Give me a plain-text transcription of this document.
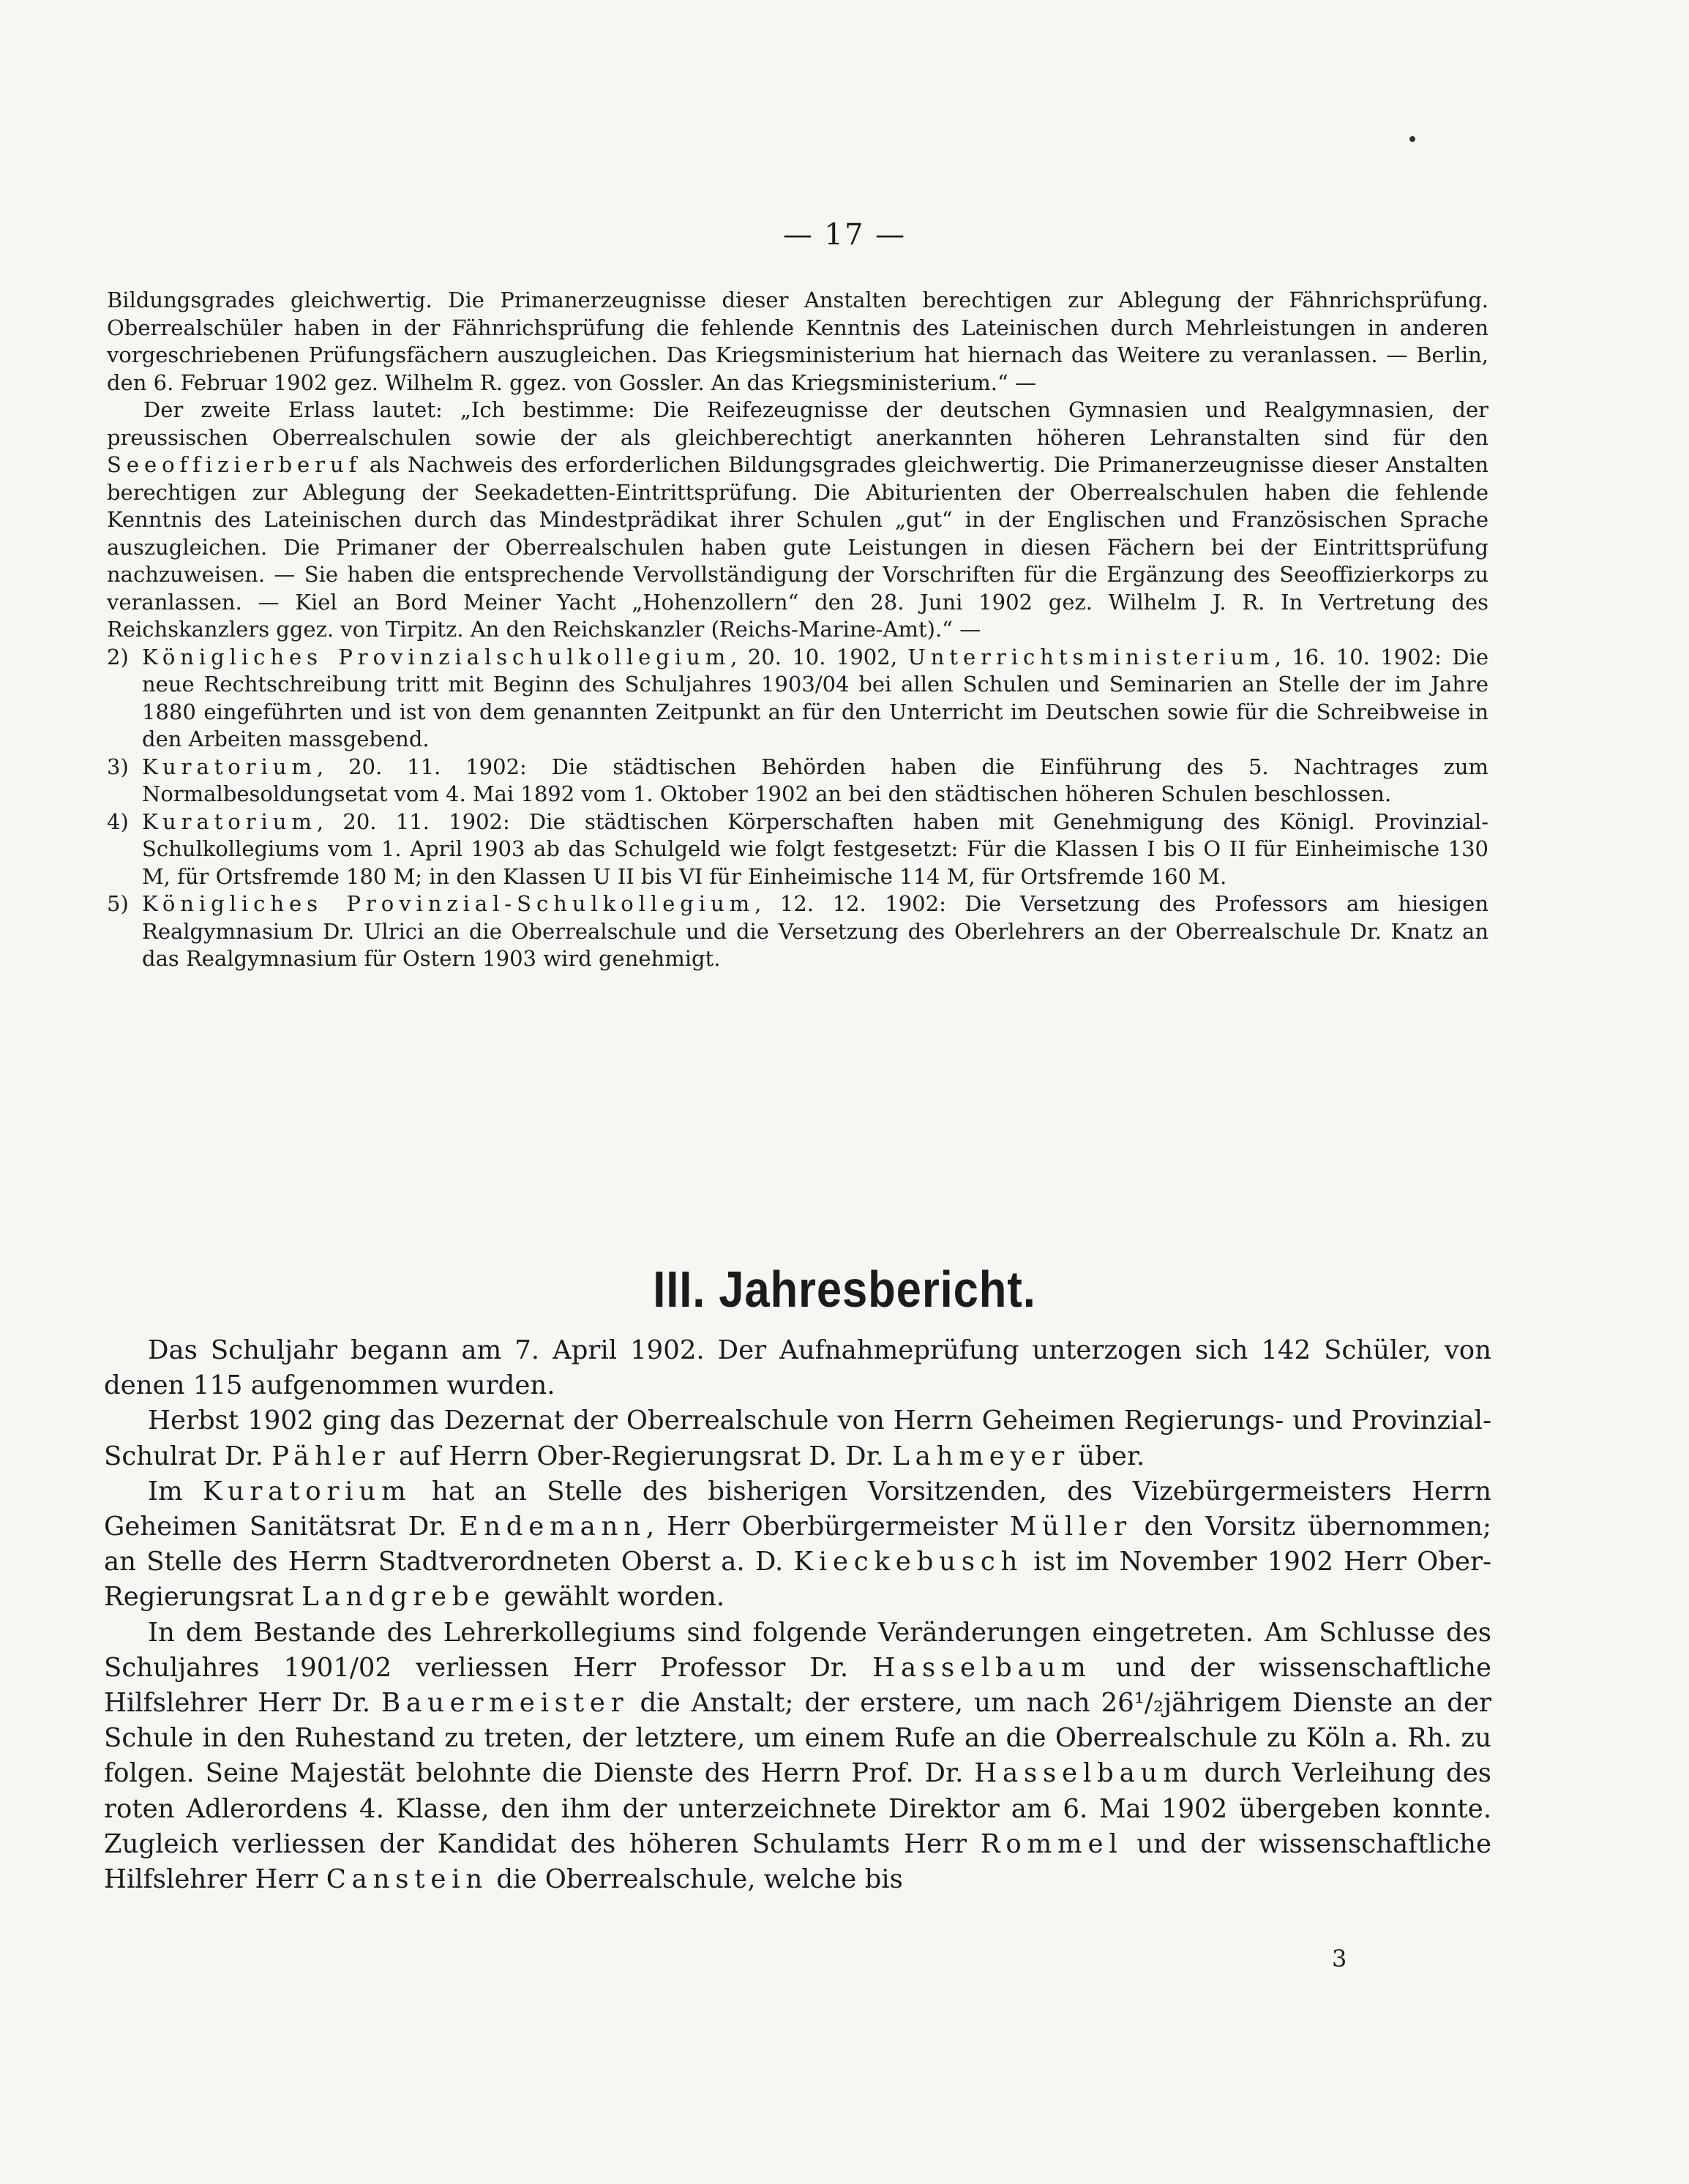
— 17 —

Bildungsgrades gleichwertig. Die Primanerzeugnisse dieser Anstalten berechtigen zur Ablegung der Fähnrichsprüfung. Oberrealschüler haben in der Fähnrichsprüfung die fehlende Kenntnis des Lateinischen durch Mehrleistungen in anderen vorgeschriebenen Prüfungsfächern auszugleichen. Das Kriegsministerium hat hiernach das Weitere zu veranlassen. — Berlin, den 6. Februar 1902 gez. Wilhelm R. ggez. von Gossler. An das Kriegsministerium.“ —

Der zweite Erlass lautet: „Ich bestimme: Die Reifezeugnisse der deutschen Gymnasien und Realgymnasien, der preussischen Oberrealschulen sowie der als gleichberechtigt anerkannten höheren Lehranstalten sind für den Seeoffizierberuf als Nachweis des erforderlichen Bildungsgrades gleichwertig. Die Primanerzeugnisse dieser Anstalten berechtigen zur Ablegung der Seekadetten-Eintrittsprüfung. Die Abiturienten der Oberrealschulen haben die fehlende Kenntnis des Lateinischen durch das Mindestprädikat ihrer Schulen „gut“ in der Englischen und Französischen Sprache auszugleichen. Die Primaner der Oberrealschulen haben gute Leistungen in diesen Fächern bei der Eintrittsprüfung nachzuweisen. — Sie haben die entsprechende Vervollständigung der Vorschriften für die Ergänzung des Seeoffizierkorps zu veranlassen. — Kiel an Bord Meiner Yacht „Hohenzollern“ den 28. Juni 1902 gez. Wilhelm J. R. In Vertretung des Reichskanzlers ggez. von Tirpitz. An den Reichskanzler (Reichs-Marine-Amt).“ —

2) Königliches Provinzialschulkollegium, 20. 10. 1902, Unterrichtsministerium, 16. 10. 1902: Die neue Rechtschreibung tritt mit Beginn des Schuljahres 1903/04 bei allen Schulen und Seminarien an Stelle der im Jahre 1880 eingeführten und ist von dem genannten Zeitpunkt an für den Unterricht im Deutschen sowie für die Schreibweise in den Arbeiten massgebend.
3) Kuratorium, 20. 11. 1902: Die städtischen Behörden haben die Einführung des 5. Nachtrages zum Normalbesoldungsetat vom 4. Mai 1892 vom 1. Oktober 1902 an bei den städtischen höheren Schulen beschlossen.
4) Kuratorium, 20. 11. 1902: Die städtischen Körperschaften haben mit Genehmigung des Königl. Provinzial-Schulkollegiums vom 1. April 1903 ab das Schulgeld wie folgt festgesetzt: Für die Klassen I bis O II für Einheimische 130 M, für Ortsfremde 180 M; in den Klassen U II bis VI für Einheimische 114 M, für Ortsfremde 160 M.
5) Königliches Provinzial-Schulkollegium, 12. 12. 1902: Die Versetzung des Professors am hiesigen Realgymnasium Dr. Ulrici an die Oberrealschule und die Versetzung des Oberlehrers an der Oberrealschule Dr. Knatz an das Realgymnasium für Ostern 1903 wird genehmigt.
III. Jahresbericht.

Das Schuljahr begann am 7. April 1902. Der Aufnahmeprüfung unterzogen sich 142 Schüler, von denen 115 aufgenommen wurden.

Herbst 1902 ging das Dezernat der Oberrealschule von Herrn Geheimen Regierungs- und Provinzial-Schulrat Dr. Pähler auf Herrn Ober-Regierungsrat D. Dr. Lahmeyer über.

Im Kuratorium hat an Stelle des bisherigen Vorsitzenden, des Vizebürgermeisters Herrn Geheimen Sanitätsrat Dr. Endemann, Herr Oberbürgermeister Müller den Vorsitz übernommen; an Stelle des Herrn Stadtverordneten Oberst a. D. Kieckebusch ist im November 1902 Herr Ober-Regierungsrat Landgrebe gewählt worden.

In dem Bestande des Lehrerkollegiums sind folgende Veränderungen eingetreten. Am Schlusse des Schuljahres 1901/02 verliessen Herr Professor Dr. Hasselbaum und der wissenschaftliche Hilfslehrer Herr Dr. Bauermeister die Anstalt; der erstere, um nach 26¹/₂jährigem Dienste an der Schule in den Ruhestand zu treten, der letztere, um einem Rufe an die Oberrealschule zu Köln a. Rh. zu folgen. Seine Majestät belohnte die Dienste des Herrn Prof. Dr. Hasselbaum durch Verleihung des roten Adlerordens 4. Klasse, den ihm der unterzeichnete Direktor am 6. Mai 1902 übergeben konnte. Zugleich verliessen der Kandidat des höheren Schulamts Herr Rommel und der wissenschaftliche Hilfslehrer Herr Canstein die Oberrealschule, welche bis

3
